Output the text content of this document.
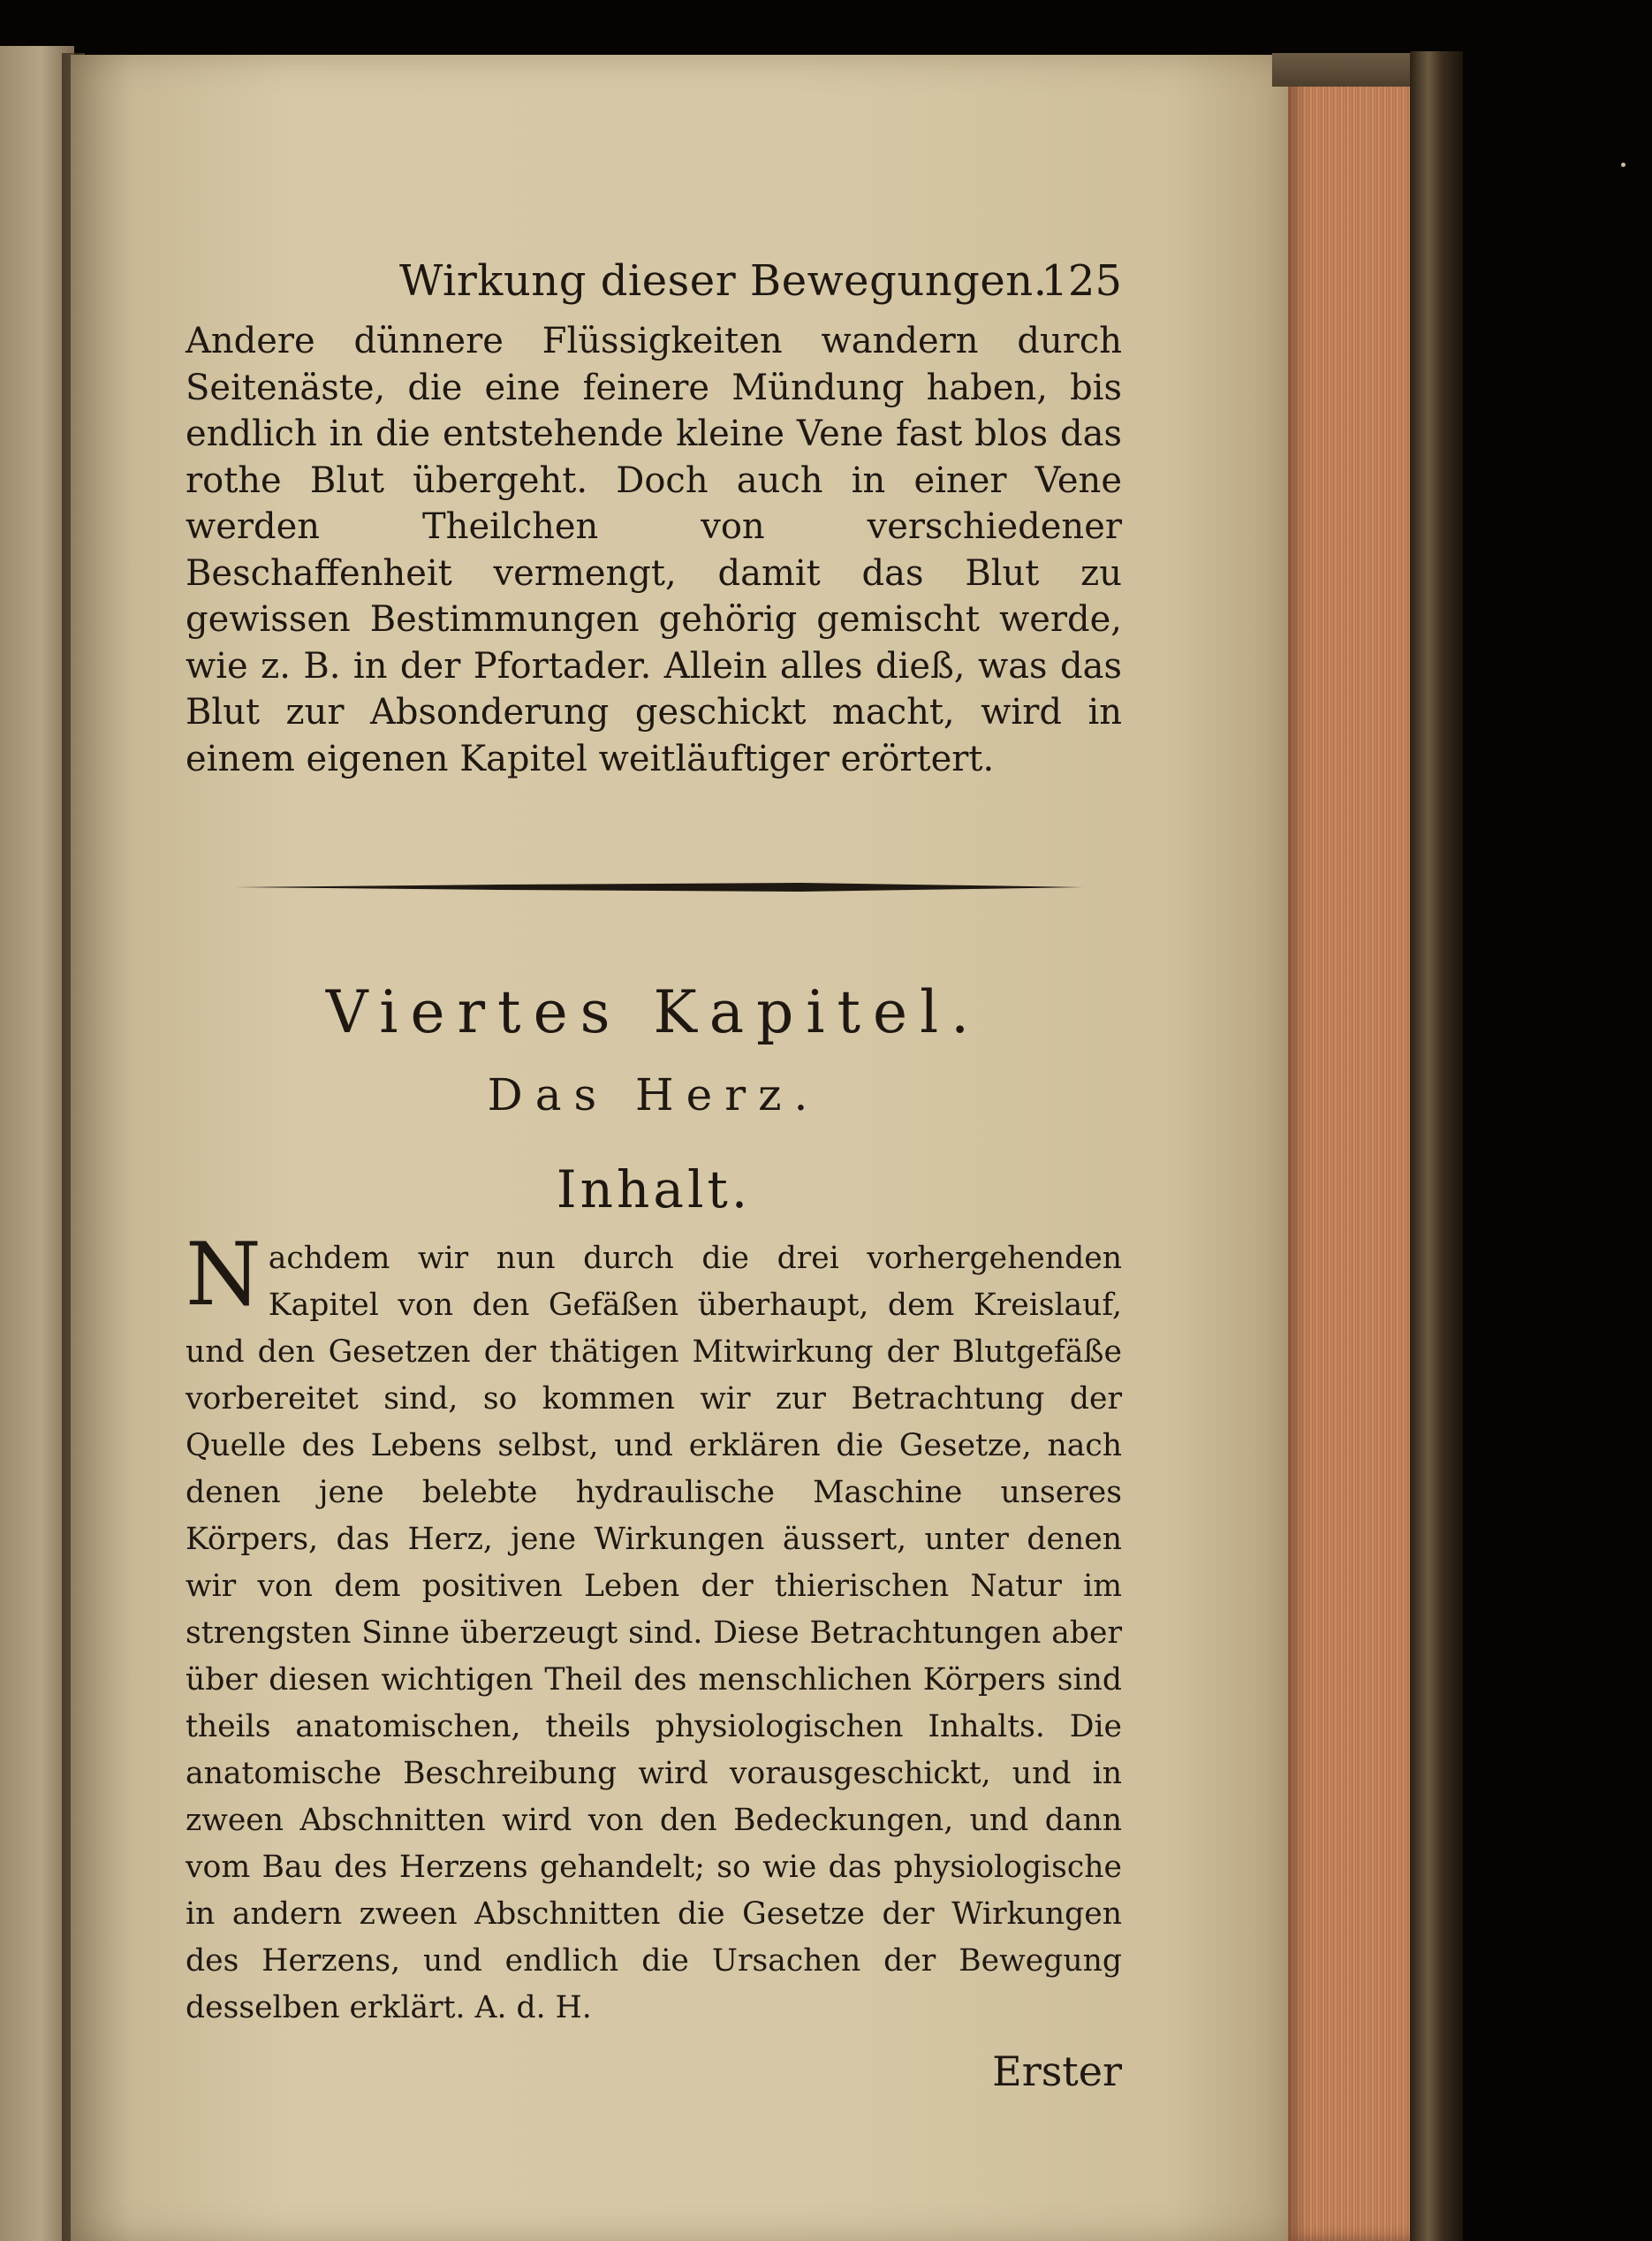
Wirkung dieser Bewegungen.
125

Andere dünnere Flüssigkeiten wandern durch Seitenäste, die eine feinere Mündung haben, bis endlich in die entstehende kleine Vene fast blos das rothe Blut übergeht. Doch auch in einer Vene werden Theilchen von verschiedener Beschaffenheit vermengt, damit das Blut zu gewissen Bestimmungen gehörig gemischt werde, wie z. B. in der Pfortader. Allein alles dieß, was das Blut zur Absonderung geschickt macht, wird in einem eigenen Kapitel weitläuftiger erörtert.

Viertes Kapitel.
Das Herz.
Inhalt.
N achdem wir nun durch die drei vorhergehenden Kapitel von den Gefäßen überhaupt, dem Kreislauf, und den Gesetzen der thätigen Mitwirkung der Blutgefäße vorbereitet sind, so kommen wir zur Betrachtung der Quelle des Lebens selbst, und erklären die Gesetze, nach denen jene belebte hydraulische Maschine unseres Körpers, das Herz, jene Wirkungen äussert, unter denen wir von dem positiven Leben der thierischen Natur im strengsten Sinne überzeugt sind. Diese Betrachtungen aber über diesen wichtigen Theil des menschlichen Körpers sind theils anatomischen, theils physiologischen Inhalts. Die anatomische Beschreibung wird vorausgeschickt, und in zween Abschnitten wird von den Bedeckungen, und dann vom Bau des Herzens gehandelt; so wie das physiologische in andern zween Abschnitten die Gesetze der Wirkungen des Herzens, und endlich die Ursachen der Bewegung desselben erklärt. A. d. H.
Erster
